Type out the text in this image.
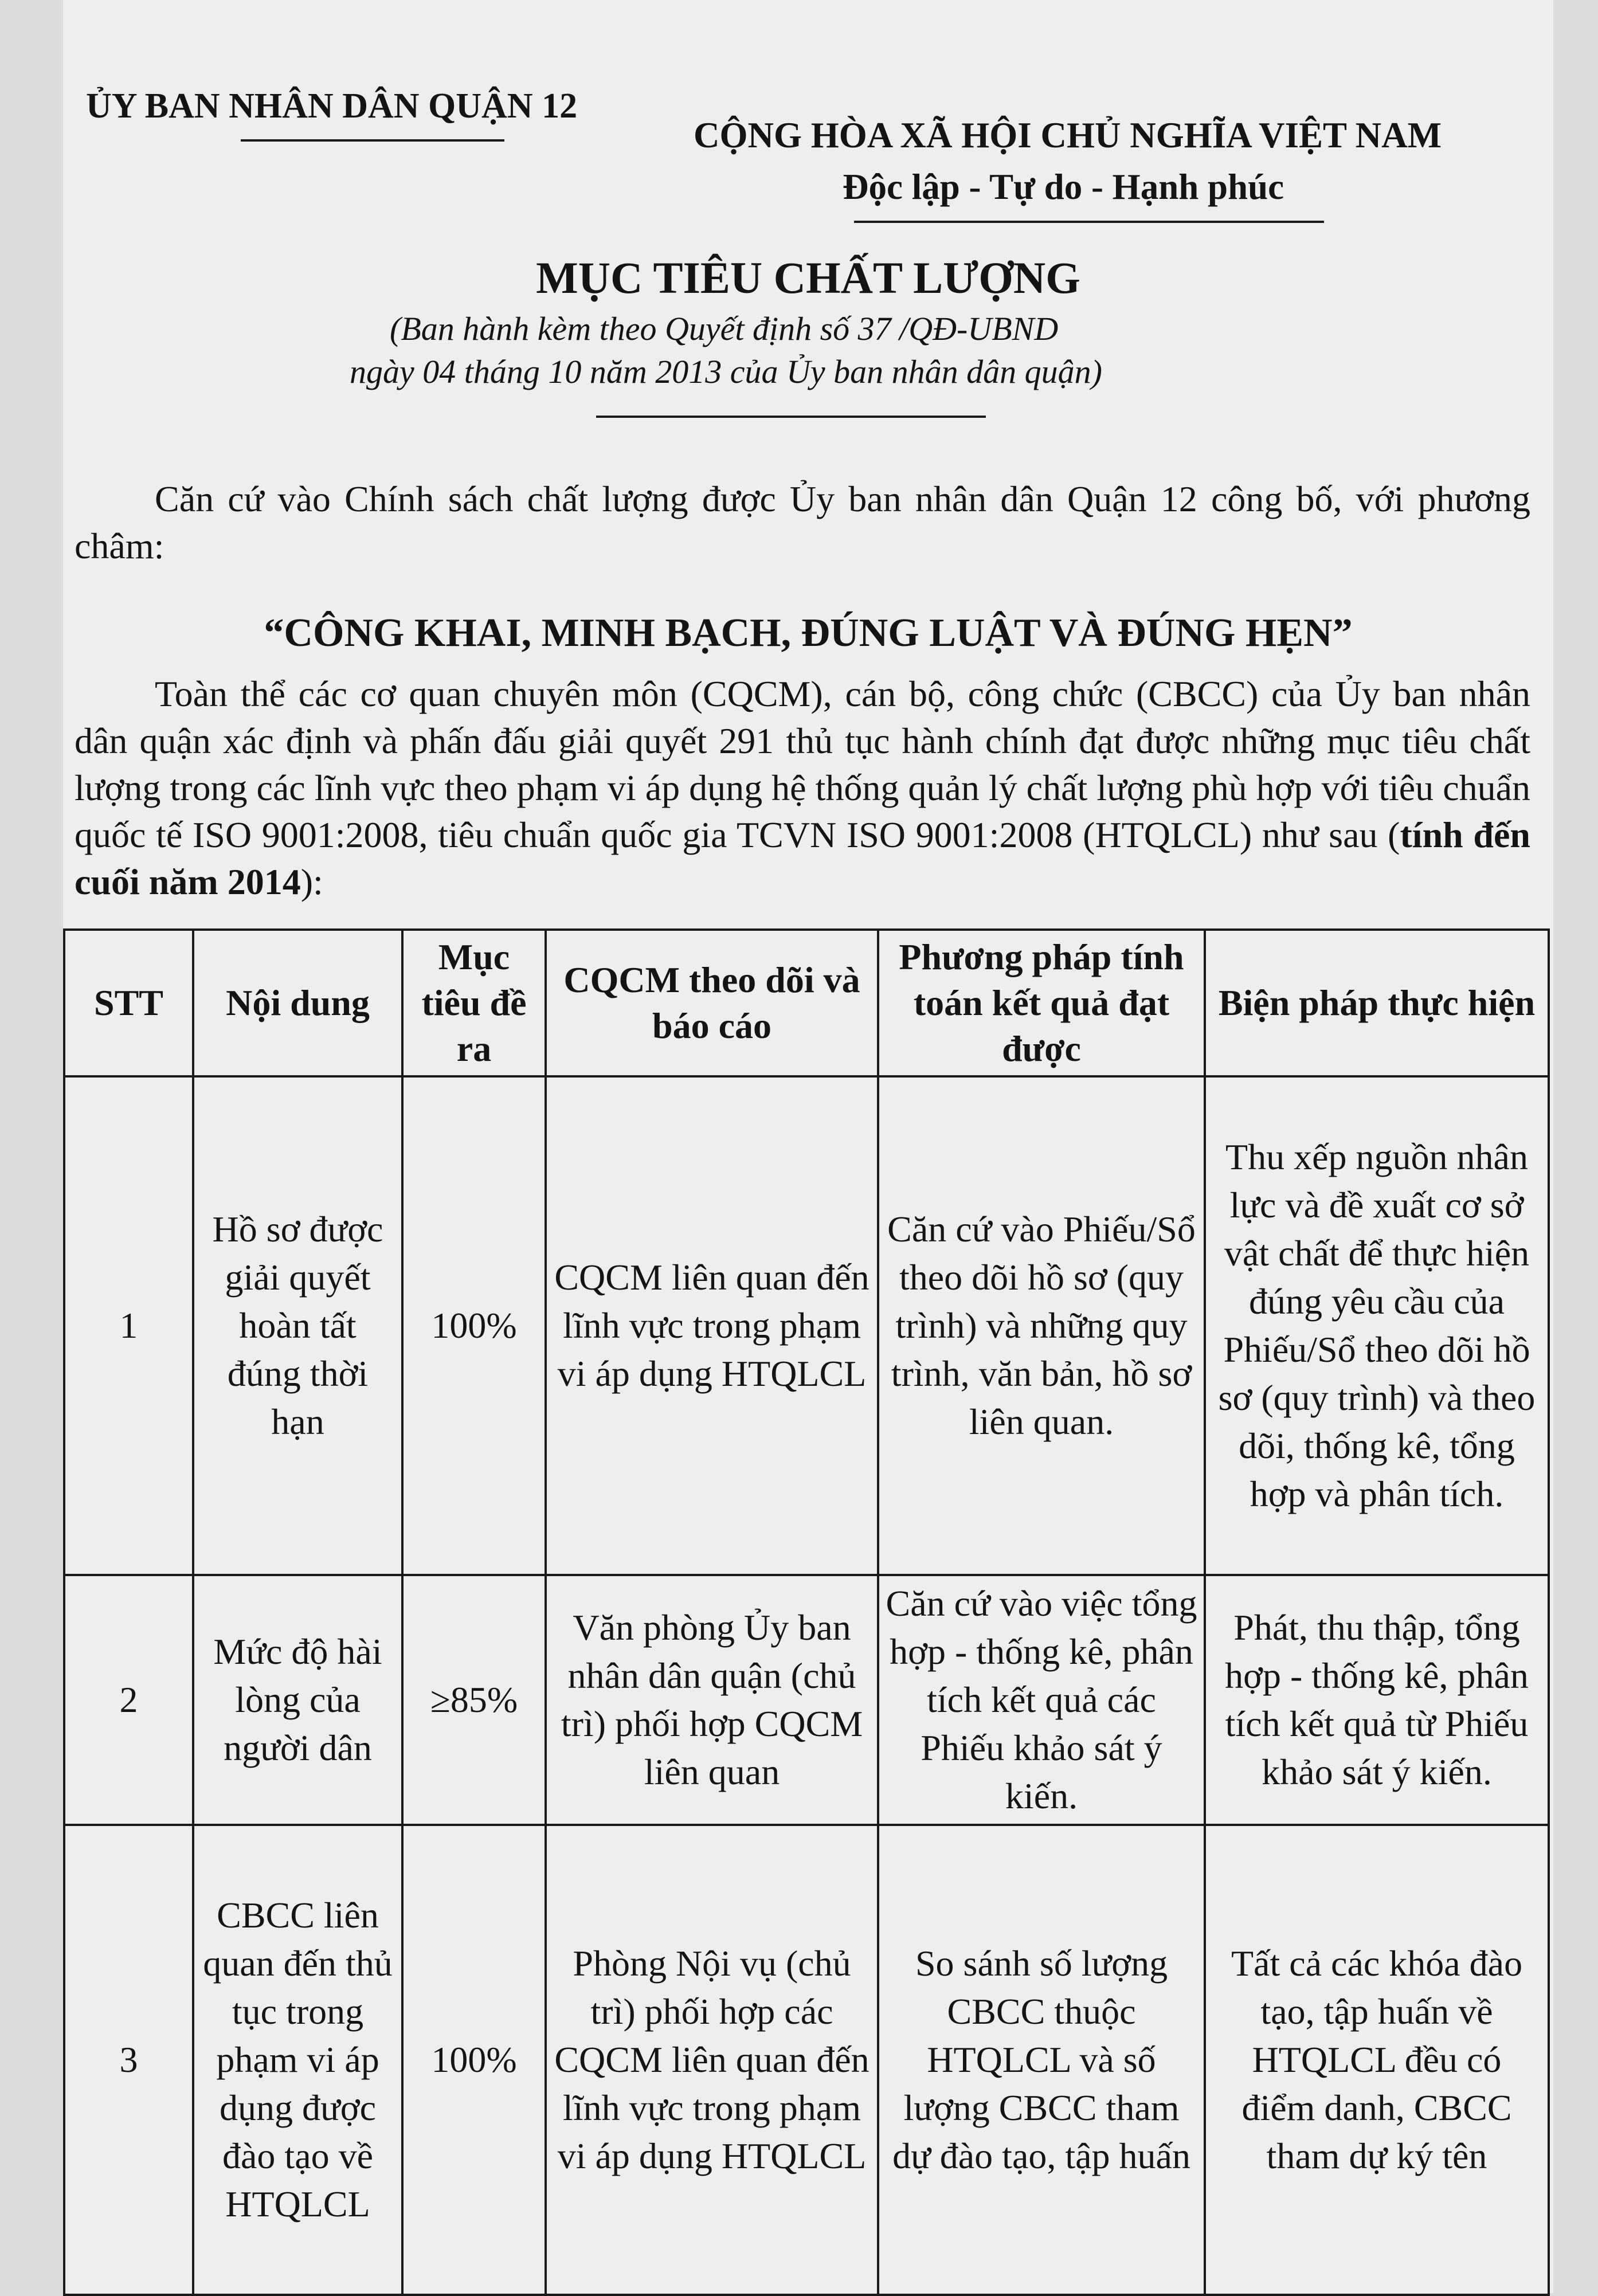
ỦY BAN NHÂN DÂN QUẬN 12
CỘNG HÒA XÃ HỘI CHỦ NGHĨA VIỆT NAM
Độc lập - Tự do - Hạnh phúc
MỤC TIÊU CHẤT LƯỢNG
(Ban hành kèm theo Quyết định số 37 /QĐ-UBND
ngày 04 tháng 10 năm 2013 của Ủy ban nhân dân quận)
Căn cứ vào Chính sách chất lượng được Ủy ban nhân dân Quận 12 công bố, với phương châm:
“CÔNG KHAI, MINH BẠCH, ĐÚNG LUẬT VÀ ĐÚNG HẸN”
Toàn thể các cơ quan chuyên môn (CQCM), cán bộ, công chức (CBCC) của Ủy ban nhân dân quận xác định và phấn đấu giải quyết 291 thủ tục hành chính đạt được những mục tiêu chất lượng trong các lĩnh vực theo phạm vi áp dụng hệ thống quản lý chất lượng phù hợp với tiêu chuẩn quốc tế ISO 9001:2008, tiêu chuẩn quốc gia TCVN ISO 9001:2008 (HTQLCL) như sau (tính đến cuối năm 2014):
STT	Nội dung	Mục tiêu đề ra	CQCM theo dõi và báo cáo	Phương pháp tính toán kết quả đạt được	Biện pháp thực hiện
1	Hồ sơ được giải quyết hoàn tất đúng thời hạn	100%	CQCM liên quan đến lĩnh vực trong phạm vi áp dụng HTQLCL	Căn cứ vào Phiếu/Sổ theo dõi hồ sơ (quy trình) và những quy trình, văn bản, hồ sơ liên quan.	Thu xếp nguồn nhân lực và đề xuất cơ sở vật chất để thực hiện đúng yêu cầu của Phiếu/Sổ theo dõi hồ sơ (quy trình) và theo dõi, thống kê, tổng hợp và phân tích.
2	Mức độ hài lòng của người dân	≥85%	Văn phòng Ủy ban nhân dân quận (chủ trì) phối hợp CQCM liên quan	Căn cứ vào việc tổng hợp - thống kê, phân tích kết quả các Phiếu khảo sát ý kiến.	Phát, thu thập, tổng hợp - thống kê, phân tích kết quả từ Phiếu khảo sát ý kiến.
3	CBCC liên quan đến thủ tục trong phạm vi áp dụng được đào tạo về HTQLCL	100%	Phòng Nội vụ (chủ trì) phối hợp các CQCM liên quan đến lĩnh vực trong phạm vi áp dụng HTQLCL	So sánh số lượng CBCC thuộc HTQLCL và số lượng CBCC tham dự đào tạo, tập huấn	Tất cả các khóa đào tạo, tập huấn về HTQLCL đều có điểm danh, CBCC tham dự ký tên
